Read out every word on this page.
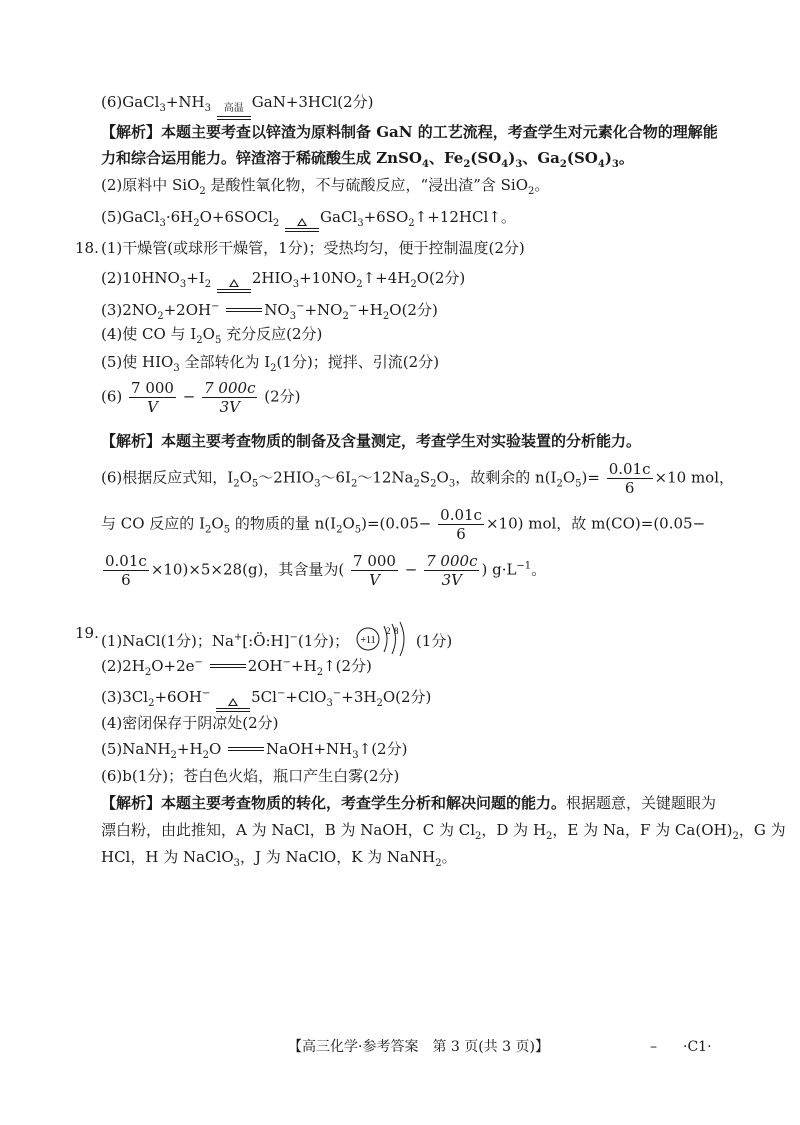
$(6)GaCl_3+NH_3$ 高温 GaN+3HCl(2分)
【解析】本题主要考查以锌渣为原料制备 GaN 的工艺流程，考查学生对元素化合物的理解能
力和综合运用能力。锌渣溶于稀硫酸生成 ZnSO$_4$、$Fe_2(SO_4)_3$、$Ga_2(SO_4)_3$。
(2)原料中 SiO$_2$ 是酸性氧化物，不与硫酸反应，“浸出渣”含 SiO$_2$。
$(5)GaCl_3\cdot 6H_2O+6SOCl_2$	$GaCl_3+6SO_2↑+12HCl↑$。
18. (1)干燥管(或球形干燥管，1分)；受热均匀，便于控制温度(2分)
$(2)10HNO_3+I_2$	$2HIO_3+10NO_2↑+4H_2O(2$分)
$(3)2NO_2+2OH^-$	$NO_3^-+NO_2^-+H_2O(2$分)
(4)使 CO 与 $I_2O_5$ 充分反应(2分)
(5)使 $HIO_3$ 全部转化为 $I_2(1$分)；搅拌、引流(2分)
$(6) \frac{7 000}{V} - \frac{7 000c}{3V} (2$分)
【解析】本题主要考查物质的制备及含量测定，考查学生对实验装置的分析能力。
(6)根据反应式知，$I_2O_5\sim 2HIO_3\sim 6I_2\sim 12Na_2S_2O_3$，故剩余的 $n(I_2O_5)= \frac{0.01c}{6} \times 10$ mol，
与 CO 反应的 $I_2O_5$ 的物质的量 $n(I_2O_5)=(0.05- \frac{0.01c}{6} \times 10)$ mol，故 m(CO)=(0.05−
$\frac{0.01c}{6} \times 10)\times 5\times 28(g)$，其含量为( $\frac{7 000}{V} - \frac{7 000c}{3V}$ ) $g\cdot L^{-1}$。
19. (1)NaCl(1分)；Na+[:Ö:H]−(1分)； +11
2 8
(1分)
$(2)2H_2O+2e^-$	$2OH^-+H_2↑(2$分)
$(3)3Cl_2+6OH^-$	$5Cl^-+ClO_3^-+3H_2O(2$分)
(4)密闭保存于阴凉处(2分)
$(5)NaNH_2+H_2O$	$NaOH+NH_3↑(2$分)
(6)b(1分)；苍白色火焰，瓶口产生白雾(2分)
【解析】本题主要考查物质的转化，考查学生分析和解决问题的能力。根据题意，关键题眼为
漂白粉，由此推知，A 为 NaCl，B 为 NaOH，C 为 $Cl_2$，D 为 $H_2$，E 为 Na，F 为 $Ca(OH)_2$，G 为
HCl，H 为 NaClO$_3$，J 为 NaClO，K 为 NaNH$_2$。
【高三化学·参考答案　第 3 页(共 3 页)】	– ·C1·
